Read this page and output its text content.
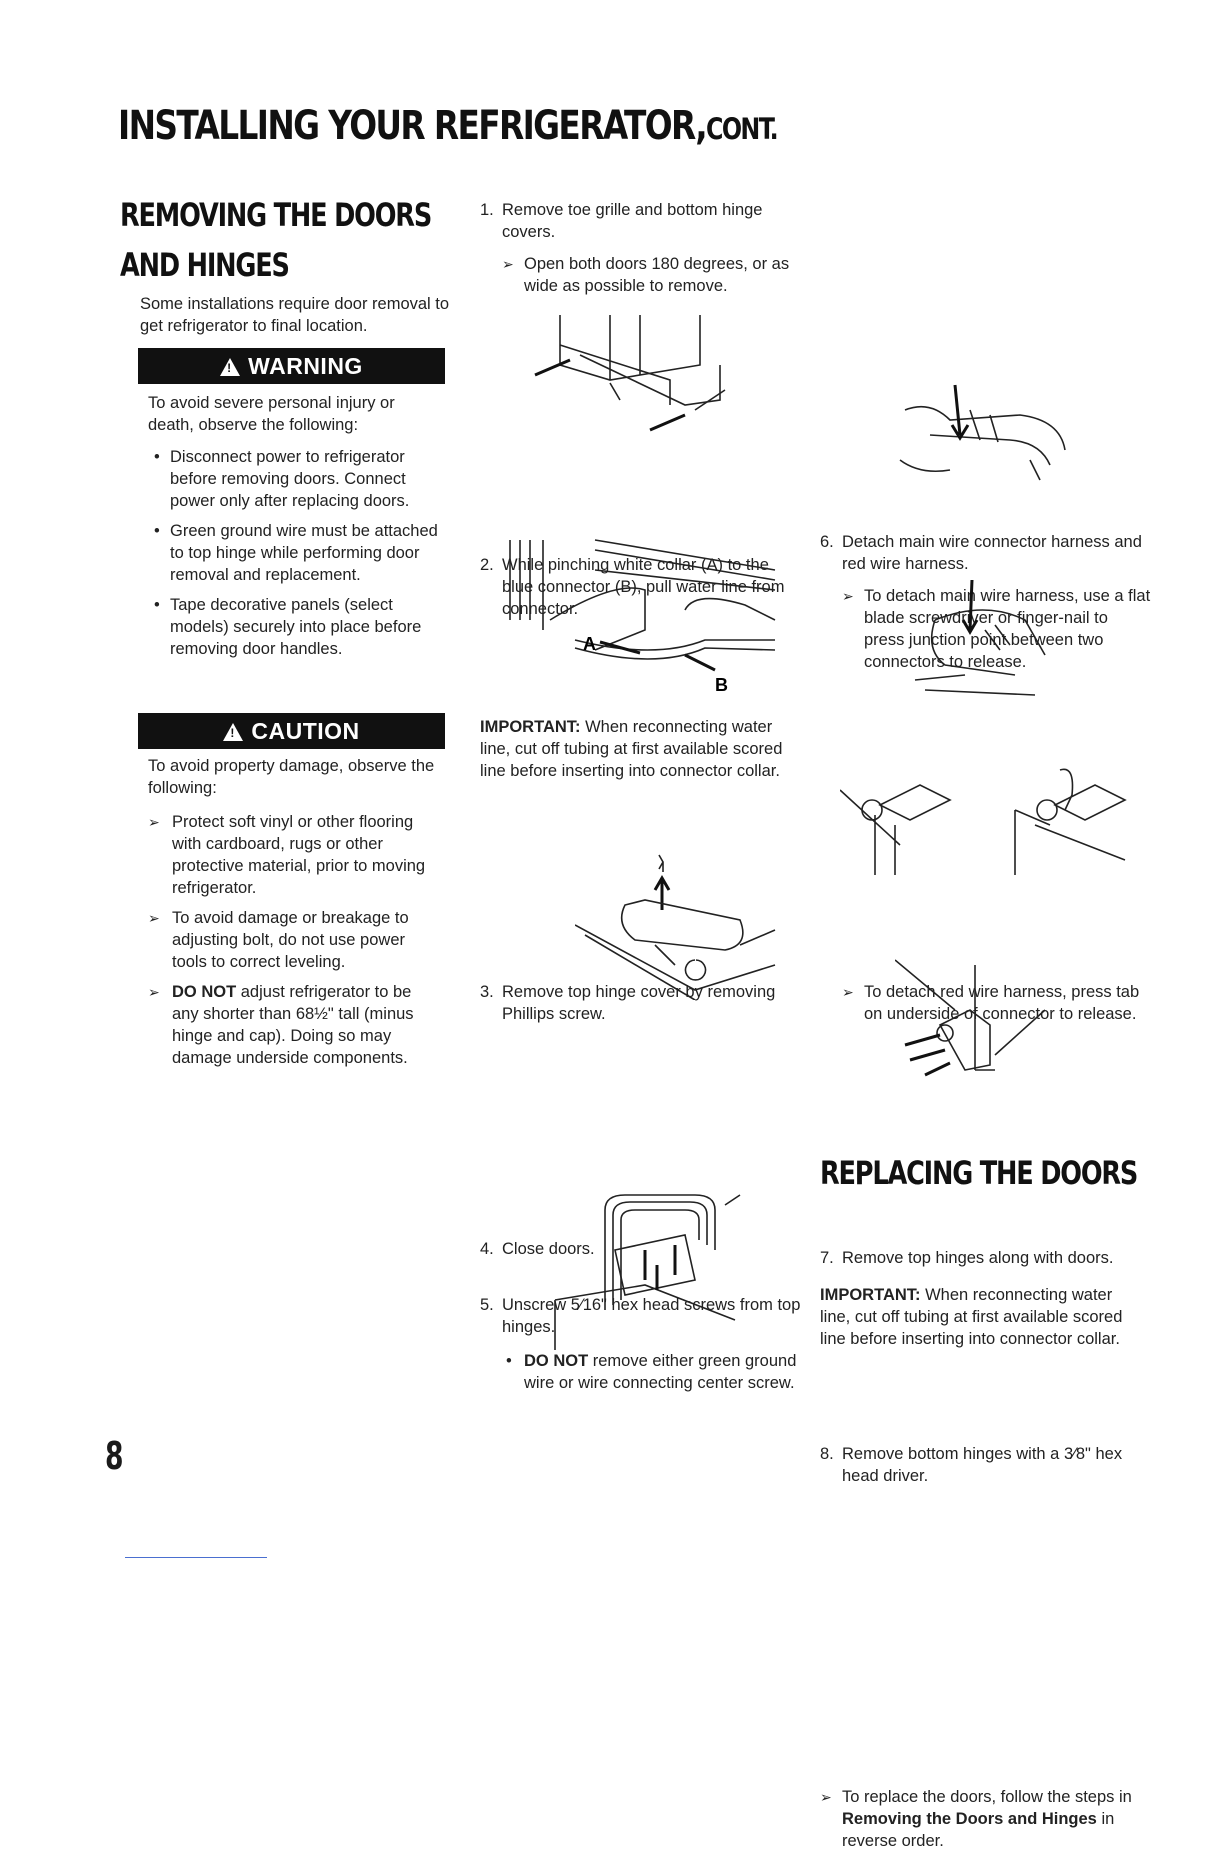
INSTALLING YOUR REFRIGERATOR,CONT.
REMOVING THE DOORS
AND HINGES
Some installations require door removal to get refrigerator to final location.
!WARNING
To avoid severe personal injury or death, observe the following:
• Disconnect power to refrigerator before removing doors. Connect power only after replacing doors.
• Green ground wire must be attached to top hinge while performing door removal and replacement.
• Tape decorative panels (select models) securely into place before removing door handles.
!CAUTION
To avoid property damage, observe the following:
➢ Protect soft vinyl or other flooring with cardboard, rugs or other protective material, prior to moving refrigerator.
➢ To avoid damage or breakage to adjusting bolt, do not use power tools to correct leveling.
➢ DO NOT adjust refrigerator to be any shorter than 68½" tall (minus hinge and cap). Doing so may damage underside components.
1. Remove toe grille and bottom hinge covers.
➢ Open both doors 180 degrees, or as wide as possible to remove.
2. While pinching white collar (A) to the blue connector (B), pull water line from connector.
A
B
IMPORTANT: When reconnecting water line, cut off tubing at first available scored line before inserting into connector collar.
3. Remove top hinge cover by removing Phillips screw.
4. Close doors.
5. Unscrew 5⁄16" hex head screws from top hinges.
• DO NOT remove either green ground wire or wire connecting center screw.
6. Detach main wire connector harness and red wire harness.
➢ To detach main wire harness, use a flat blade screwdriver or finger-nail to press junction point between two connectors to release.
➢ To detach red wire harness, press tab on underside of connector to release.
7. Remove top hinges along with doors.
8. Remove bottom hinges with a 3⁄8" hex head driver.
REPLACING THE DOORS
➢ To replace the doors, follow the steps in Removing the Doors and Hinges in reverse order.
IMPORTANT: When reconnecting water line, cut off tubing at first available scored line before inserting into connector collar.
8
